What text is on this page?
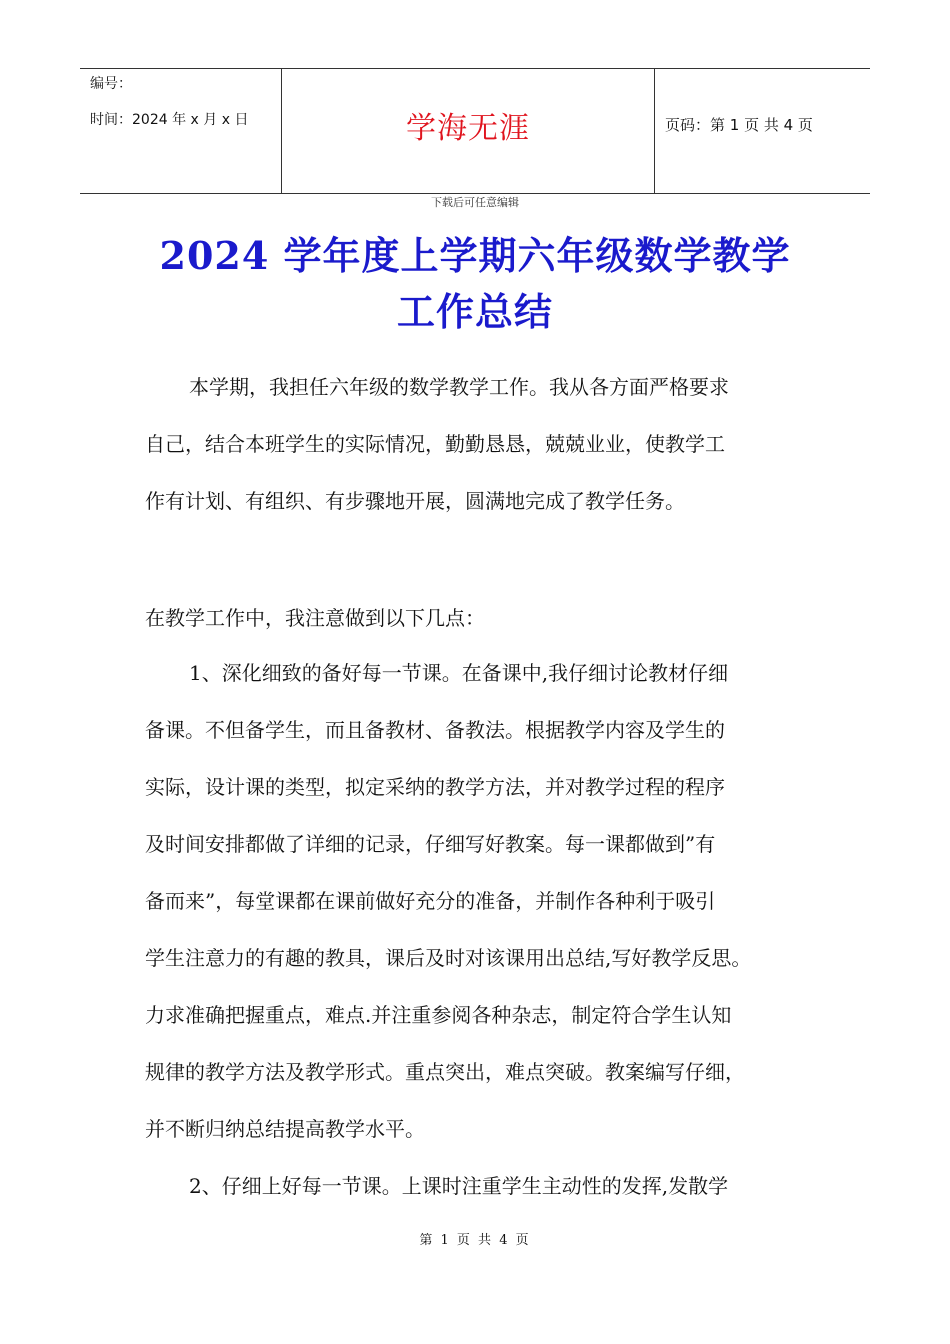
编号：
时间：2024 年 x 月 x 日	学海无涯	页码：第 1 页 共 4 页
下载后可任意编辑
2024 学年度上学期六年级数学教学
工作总结
本学期，我担任六年级的数学教学工作。我从各方面严格要求
自己，结合本班学生的实际情况，勤勤恳恳，兢兢业业，使教学工
作有计划、有组织、有步骤地开展，圆满地完成了教学任务。
在教学工作中，我注意做到以下几点：
1、深化细致的备好每一节课。在备课中,我仔细讨论教材仔细
备课。不但备学生，而且备教材、备教法。根据教学内容及学生的
实际，设计课的类型，拟定采纳的教学方法，并对教学过程的程序
及时间安排都做了详细的记录，仔细写好教案。每一课都做到”有
备而来”，每堂课都在课前做好充分的准备，并制作各种利于吸引
学生注意力的有趣的教具，课后及时对该课用出总结,写好教学反思。
力求准确把握重点，难点.并注重参阅各种杂志，制定符合学生认知
规律的教学方法及教学形式。重点突出，难点突破。教案编写仔细，
并不断归纳总结提高教学水平。
2、仔细上好每一节课。上课时注重学生主动性的发挥,发散学
第 1 页 共 4 页
